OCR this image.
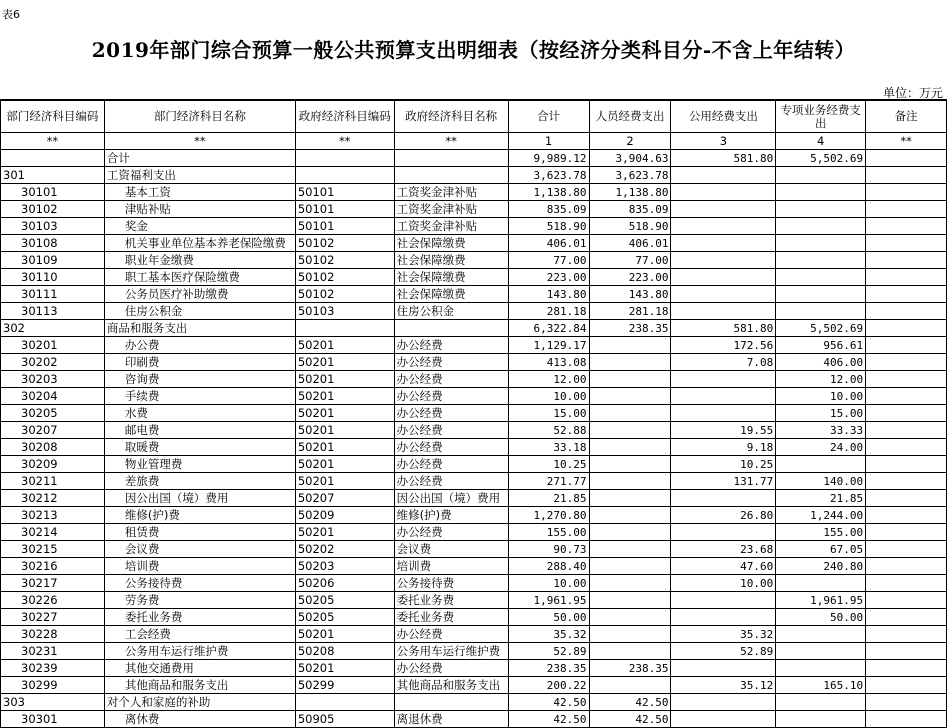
表6
2019年部门综合预算一般公共预算支出明细表（按经济分类科目分-不含上年结转）
单位：万元
部门经济科目编码	部门经济科目名称	政府经济科目编码	政府经济科目名称	合计	人员经费支出	公用经费支出	专项业务经费支出	备注
**	**	**	**	1	2	3	4	**
	合计			9,989.12	3,904.63	581.80	5,502.69	
301	工资福利支出			3,623.78	3,623.78			
30101	基本工资	50101	工资奖金津补贴	1,138.80	1,138.80			
30102	津贴补贴	50101	工资奖金津补贴	835.09	835.09			
30103	奖金	50101	工资奖金津补贴	518.90	518.90			
30108	机关事业单位基本养老保险缴费	50102	社会保障缴费	406.01	406.01			
30109	职业年金缴费	50102	社会保障缴费	77.00	77.00			
30110	职工基本医疗保险缴费	50102	社会保障缴费	223.00	223.00			
30111	公务员医疗补助缴费	50102	社会保障缴费	143.80	143.80			
30113	住房公积金	50103	住房公积金	281.18	281.18			
302	商品和服务支出			6,322.84	238.35	581.80	5,502.69	
30201	办公费	50201	办公经费	1,129.17		172.56	956.61	
30202	印刷费	50201	办公经费	413.08		7.08	406.00	
30203	咨询费	50201	办公经费	12.00			12.00	
30204	手续费	50201	办公经费	10.00			10.00	
30205	水费	50201	办公经费	15.00			15.00	
30207	邮电费	50201	办公经费	52.88		19.55	33.33	
30208	取暖费	50201	办公经费	33.18		9.18	24.00	
30209	物业管理费	50201	办公经费	10.25		10.25		
30211	差旅费	50201	办公经费	271.77		131.77	140.00	
30212	因公出国（境）费用	50207	因公出国（境）费用	21.85			21.85	
30213	维修(护)费	50209	维修(护)费	1,270.80		26.80	1,244.00	
30214	租赁费	50201	办公经费	155.00			155.00	
30215	会议费	50202	会议费	90.73		23.68	67.05	
30216	培训费	50203	培训费	288.40		47.60	240.80	
30217	公务接待费	50206	公务接待费	10.00		10.00		
30226	劳务费	50205	委托业务费	1,961.95			1,961.95	
30227	委托业务费	50205	委托业务费	50.00			50.00	
30228	工会经费	50201	办公经费	35.32		35.32		
30231	公务用车运行维护费	50208	公务用车运行维护费	52.89		52.89		
30239	其他交通费用	50201	办公经费	238.35	238.35			
30299	其他商品和服务支出	50299	其他商品和服务支出	200.22		35.12	165.10	
303	对个人和家庭的补助			42.50	42.50			
30301	离休费	50905	离退休费	42.50	42.50			
